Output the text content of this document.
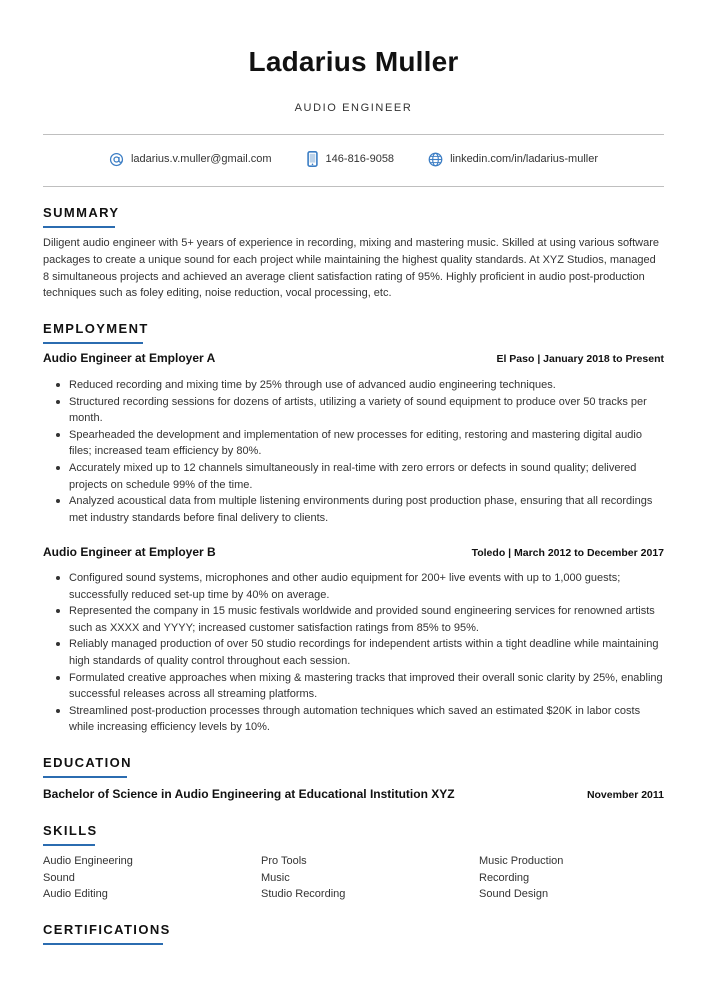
Ladarius Muller
AUDIO ENGINEER
ladarius.v.muller@gmail.com	146-816-9058	linkedin.com/in/ladarius-muller
SUMMARY
Diligent audio engineer with 5+ years of experience in recording, mixing and mastering music. Skilled at using various software packages to create a unique sound for each project while maintaining the highest quality standards. At XYZ Studios, managed 8 simultaneous projects and achieved an average client satisfaction rating of 95%. Highly proficient in audio post-production techniques such as foley editing, noise reduction, vocal processing, etc.
EMPLOYMENT
Audio Engineer at Employer A	El Paso | January 2018 to Present
Reduced recording and mixing time by 25% through use of advanced audio engineering techniques.
Structured recording sessions for dozens of artists, utilizing a variety of sound equipment to produce over 50 tracks per month.
Spearheaded the development and implementation of new processes for editing, restoring and mastering digital audio files; increased team efficiency by 80%.
Accurately mixed up to 12 channels simultaneously in real-time with zero errors or defects in sound quality; delivered projects on schedule 99% of the time.
Analyzed acoustical data from multiple listening environments during post production phase, ensuring that all recordings met industry standards before final delivery to clients.
Audio Engineer at Employer B	Toledo | March 2012 to December 2017
Configured sound systems, microphones and other audio equipment for 200+ live events with up to 1,000 guests; successfully reduced set-up time by 40% on average.
Represented the company in 15 music festivals worldwide and provided sound engineering services for renowned artists such as XXXX and YYYY; increased customer satisfaction ratings from 85% to 95%.
Reliably managed production of over 50 studio recordings for independent artists within a tight deadline while maintaining high standards of quality control throughout each session.
Formulated creative approaches when mixing & mastering tracks that improved their overall sonic clarity by 25%, enabling successful releases across all streaming platforms.
Streamlined post-production processes through automation techniques which saved an estimated $20K in labor costs while increasing efficiency levels by 10%.
EDUCATION
Bachelor of Science in Audio Engineering at Educational Institution XYZ	November 2011
SKILLS
Audio Engineering	Pro Tools	Music Production
Sound	Music	Recording
Audio Editing	Studio Recording	Sound Design
CERTIFICATIONS
